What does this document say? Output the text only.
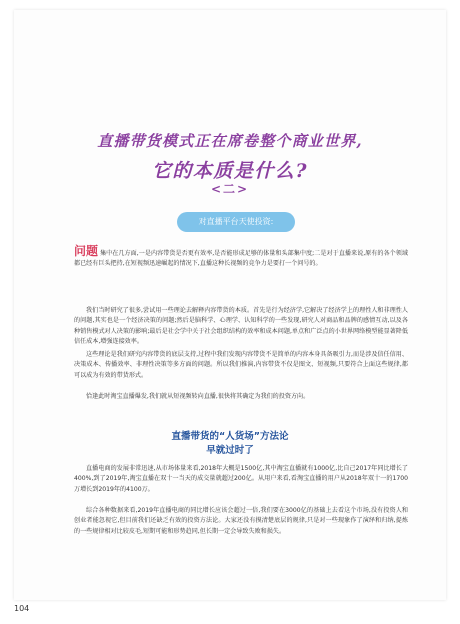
直播带货模式正在席卷整个商业世界,
它的本质是什么?
<二>
对直播平台天使投资:

问题 集中在几方面,一是内容带货是否更有效率,是否能形成足够的体量和头部集中度;二是对于直播来说,原有的各个领域都已经有巨头把持,在短视频迅速崛起的情况下,直播这种长视频的竞争力是要打一个问号的。

我们当时研究了很多,尝试用一些理论去解释内容带货的本质。首先是行为经济学,它解决了经济学上的理性人和非理性人的问题,其实也是一个经济决策的问题;然后是脑科学、心理学、认知科学的一些发现,研究人对商品和品牌的感情互动,以及各种销售模式对人决策的影响;最后是社会学中关于社会组织结构的效率和成本问题,单点和广泛点的小世界网络模型能显著降低信任成本,增强连接效率。

这些理论是我们研究内容带货的底层支持,过程中我们发现内容带货不是简单的内容本身具备吸引力,而是涉及信任信用、决策成本、传播效率、非理性决策等多方面的问题。所以我们推演,内容带货不仅是图文、短视频,只要符合上面这些规律,都可以成为有效的带货形式。

恰逢此时淘宝直播爆发,我们就从短视频转向直播,很快将其确定为我们的投资方向。

直播带货的“人货场”方法论
早就过时了

直播电商的发展非常迅速,从市场体量来看,2018年大概是1500亿,其中淘宝直播就有1000亿,比自己2017年同比增长了400%,到了2019年,淘宝直播在双十一当天的成交量就超过200亿。从用户来看,看淘宝直播的用户从2018年双十一的1700万增长到2019年的4100万。

综合各种数据来看,2019年直播电商的同比增长应该会超过一倍,我们要在3000亿的基础上去看这个市场,没有投资人和创业者能忽视它,但目前我们还缺乏有效的投资方法论。大家还没有摸清楚底层的规律,只是对一些现象作了演绎和归纳,提炼的一些规律相对比较皮毛,短期可能和形势趋同,但长期一定会导致失败和损失。

104
